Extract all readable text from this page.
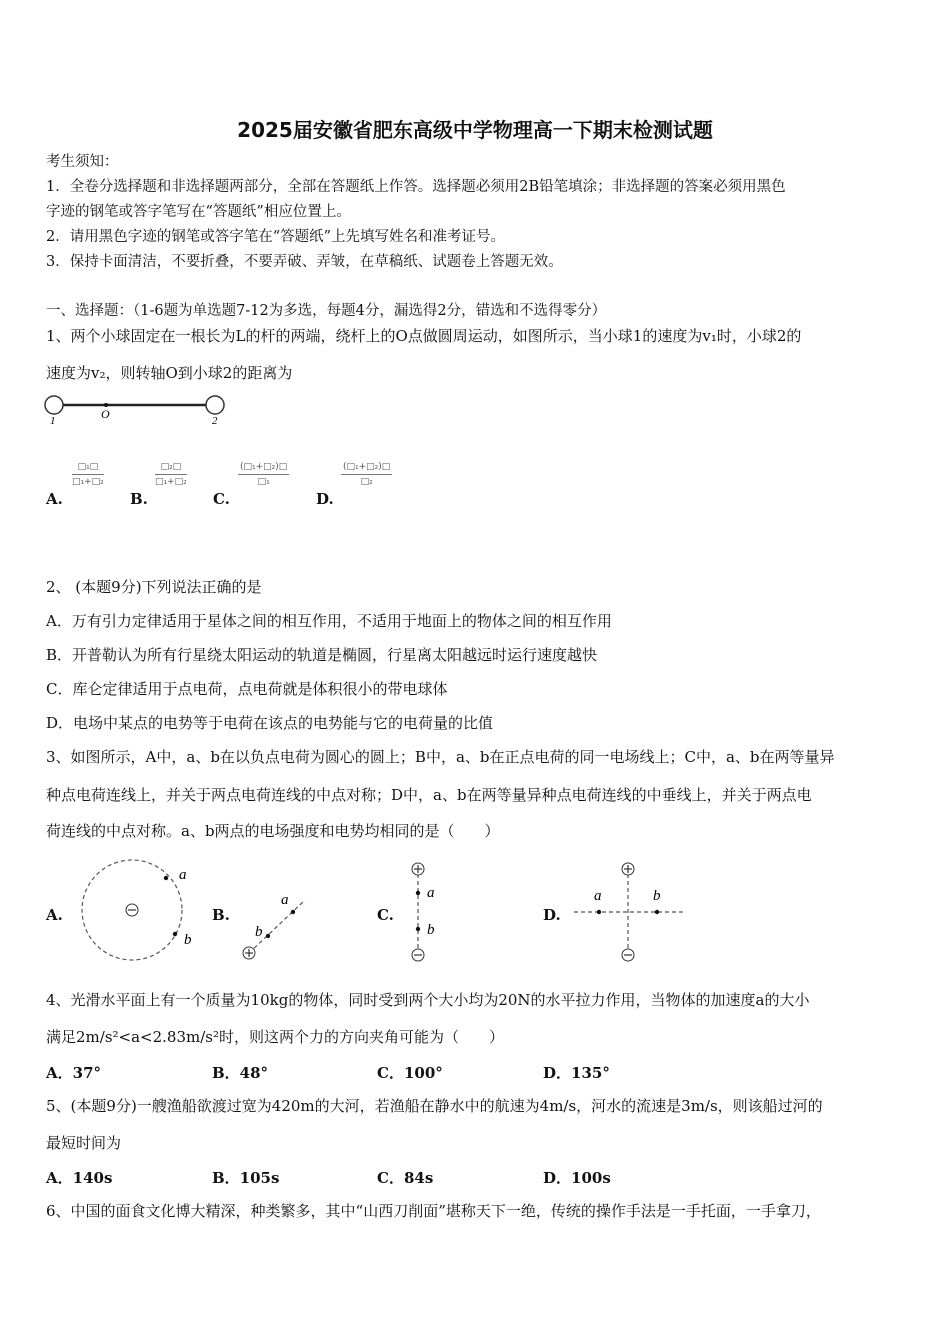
2025届安徽省肥东高级中学物理高一下期末检测试题
考生须知：
1．全卷分选择题和非选择题两部分，全部在答题纸上作答。选择题必须用2B铅笔填涂；非选择题的答案必须用黑色
字迹的钢笔或答字笔写在“答题纸”相应位置上。
2．请用黑色字迹的钢笔或答字笔在“答题纸”上先填写姓名和准考证号。
3．保持卡面清洁，不要折叠，不要弄破、弄皱，在草稿纸、试题卷上答题无效。
一、选择题：（1-6题为单选题7-12为多选，每题4分，漏选得2分，错选和不选得零分）
1、两个小球固定在一根长为L的杆的两端，绕杆上的O点做圆周运动，如图所示，当小球1的速度为v₁时，小球2的
速度为v₂，则转轴O到小球2的距离为
1	O	2
A.
□₁□
□₁+□₂
B.
□₂□
□₁+□₂
C.
(□₁+□₂)□
□₁
D.
(□₁+□₂)□
□₂
2、 (本题9分)下列说法正确的是
A．万有引力定律适用于星体之间的相互作用，不适用于地面上的物体之间的相互作用
B．开普勒认为所有行星绕太阳运动的轨道是椭圆，行星离太阳越远时运行速度越快
C．库仑定律适用于点电荷，点电荷就是体积很小的带电球体
D．电场中某点的电势等于电荷在该点的电势能与它的电荷量的比值
3、如图所示，A中，a、b在以负点电荷为圆心的圆上；B中，a、b在正点电荷的同一电场线上；C中，a、b在两等量异
种点电荷连线上，并关于两点电荷连线的中点对称；D中，a、b在两等量异种点电荷连线的中垂线上，并关于两点电
荷连线的中点对称。a、b两点的电场强度和电势均相同的是（　　）
A.
a
b
B.
a
b
C.
a
b
D.
a	b
4、光滑水平面上有一个质量为10kg的物体，同时受到两个大小均为20N的水平拉力作用，当物体的加速度a的大小
满足2m/s²<a<2.83m/s²时，则这两个力的方向夹角可能为（　　）
A．37°	B．48°	C．100°	D．135°
5、(本题9分)一艘渔船欲渡过宽为420m的大河，若渔船在静水中的航速为4m/s，河水的流速是3m/s，则该船过河的
最短时间为
A．140s	B．105s	C．84s	D．100s
6、中国的面食文化博大精深，种类繁多，其中“山西刀削面”堪称天下一绝，传统的操作手法是一手托面，一手拿刀，
